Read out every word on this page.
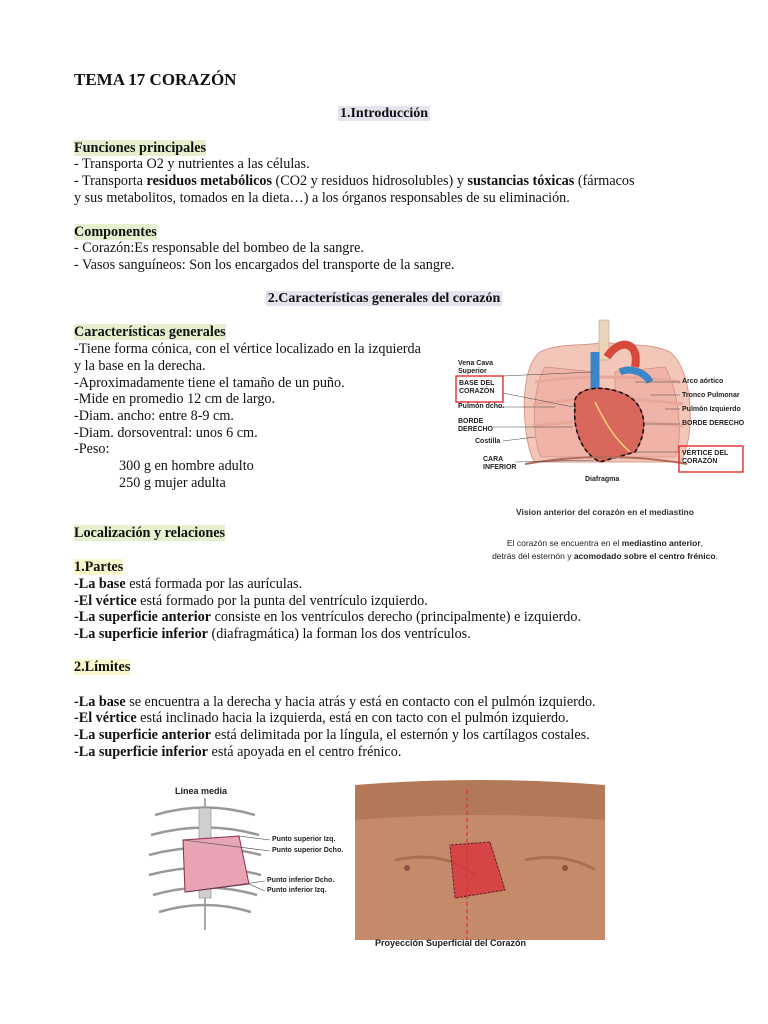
TEMA 17 CORAZÓN
1.Introducción
Funciones principales
- Transporta O2 y nutrientes a las células.
- Transporta residuos metabólicos (CO2 y residuos hidrosolubles) y sustancias tóxicas (fármacos
y sus metabolitos, tomados en la dieta…) a los órganos responsables de su eliminación.
Componentes
- Corazón:Es responsable del bombeo de la sangre.
- Vasos sanguíneos: Son los encargados del transporte de la sangre.
2.Características generales del corazón
Características generales
-Tiene forma cónica, con el vértice localizado en la izquierda
y la base en la derecha.
-Aproximadamente tiene el tamaño de un puño.
-Mide en promedio 12 cm de largo.
-Diam. ancho: entre 8-9 cm.
-Diam. dorsoventral: unos 6 cm.
-Peso:
300 g en hombre adulto
250 g mujer adulta
Vena Cava Superior
BASE DEL CORAZÓN
Pulmón dcho.
BORDE DERECHO
Costilla
CARA INFERIOR
Diafragma
Arco aórtico
Tronco Pulmonar
Pulmón Izquierdo
BORDE DERECHO
VÉRTICE DEL CORAZÓN
Vision anterior del corazón en el mediastino
El corazón se encuentra en el mediastino anterior,
detrás del esternón y acomodado sobre el centro frénico.
Localización y relaciones
1.Partes
-La base está formada por las aurículas.
-El vértice está formado por la punta del ventrículo izquierdo.
-La superficie anterior consiste en los ventrículos derecho (principalmente) e izquierdo.
-La superficie inferior (diafragmática) la forman los dos ventrículos.
2.Límites
-La base se encuentra a la derecha y hacia atrás y está en contacto con el pulmón izquierdo.
-El vértice está inclinado hacia la izquierda, está en con tacto con el pulmón izquierdo.
-La superficie anterior está delimitada por la língula, el esternón y los cartílagos costales.
-La superficie inferior está apoyada en el centro frénico.
Línea media
Punto superior Izq.
Punto superior Dcho.
Punto inferior Dcho.
Punto inferior Izq.
Proyección Superficial del Corazón
